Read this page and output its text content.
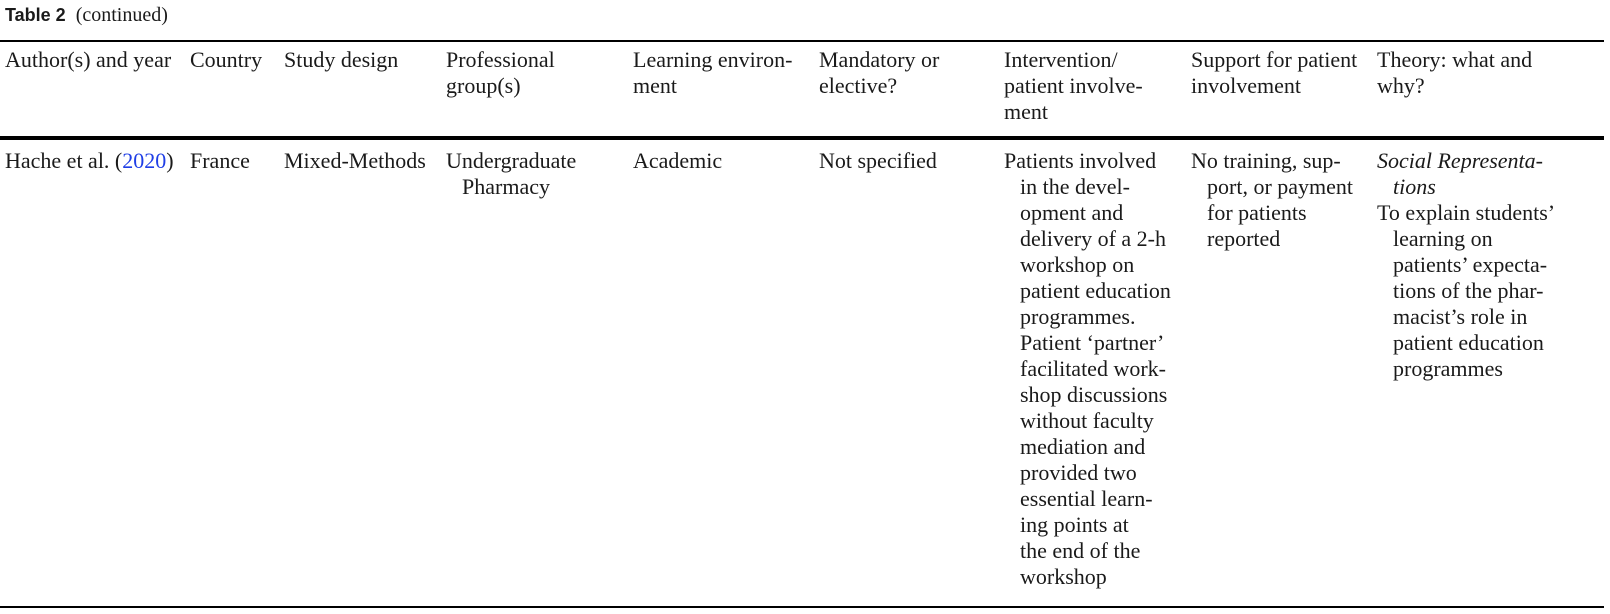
Table 2 (continued)
Author(s) and year Country Study design Professional
group(s)
Learning environ-
ment
Mandatory or
elective?
Intervention/
patient involve-
ment
Support for patient
involvement
Theory: what and
why?
Hache et al. (2020) France Mixed-Methods Undergraduate
Pharmacy
Academic	Not specified	Patients involved
in the devel-
opment and
delivery of a 2-h
workshop on
patient education
programmes.
Patient ‘partner’
facilitated work-
shop discussions
without faculty
mediation and
provided two
essential learn-
ing points at
the end of the
workshop
No training, sup-
port, or payment
for patients
reported
Social Representa-
tions
To explain students’
learning on
patients’ expecta-
tions of the phar-
macist’s role in
patient education
programmes
